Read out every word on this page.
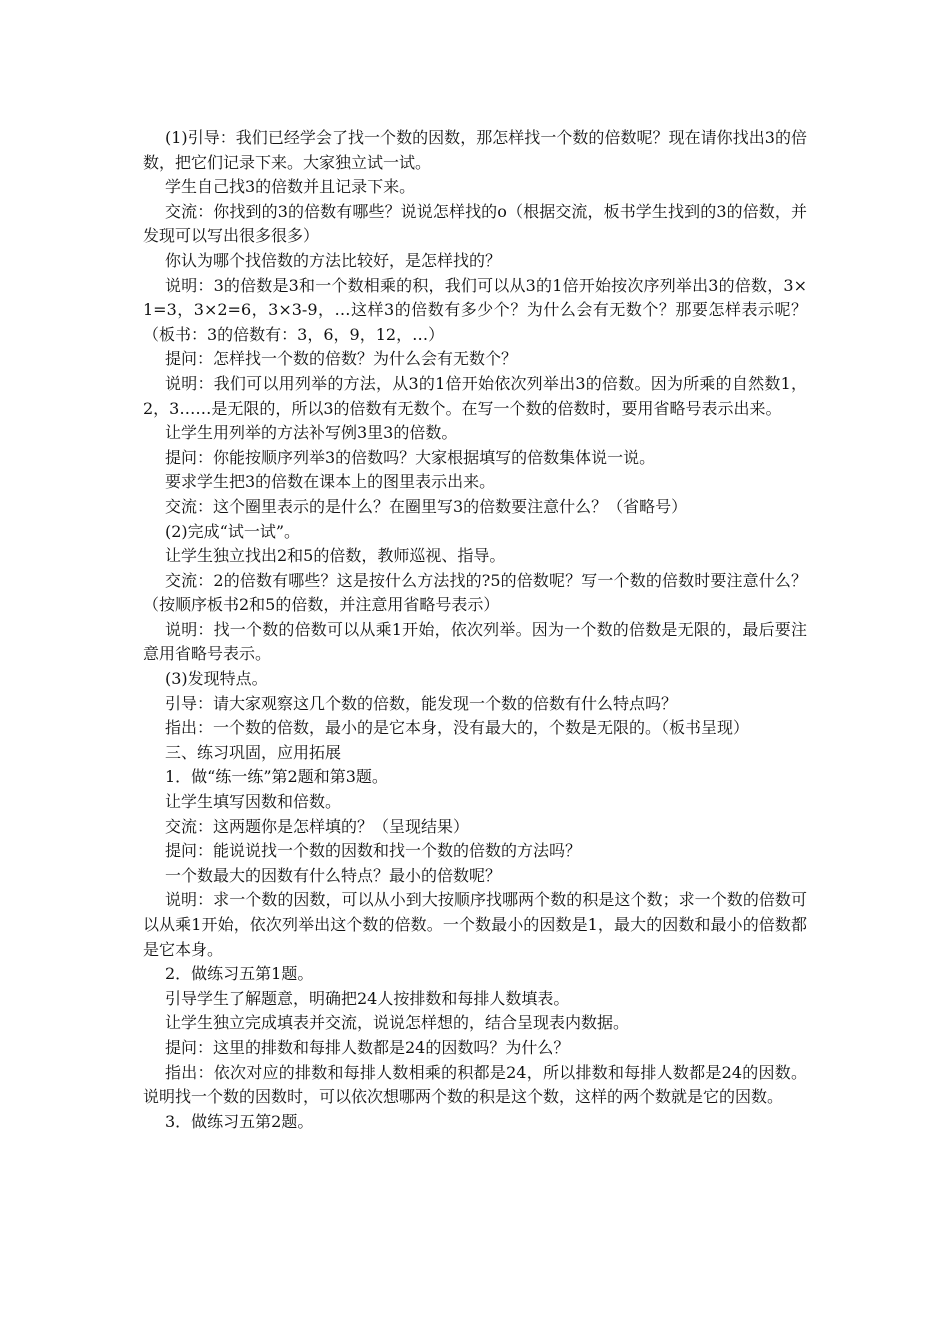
(1)引导：我们已经学会了找一个数的因数，那怎样找一个数的倍数呢？现在请你找出3的倍数，把它们记录下来。大家独立试一试。

学生自己找3的倍数并且记录下来。

交流：你找到的3的倍数有哪些？说说怎样找的o（根据交流，板书学生找到的3的倍数，并发现可以写出很多很多）

你认为哪个找倍数的方法比较好，是怎样找的？

说明：3的倍数是3和一个数相乘的积，我们可以从3的1倍开始按次序列举出3的倍数，3×1=3，3×2=6，3×3-9，…这样3的倍数有多少个？为什么会有无数个？那要怎样表示呢？（板书：3的倍数有：3，6，9，12，…）

提问：怎样找一个数的倍数？为什么会有无数个？

说明：我们可以用列举的方法，从3的1倍开始依次列举出3的倍数。因为所乘的自然数1，2，3……是无限的，所以3的倍数有无数个。在写一个数的倍数时，要用省略号表示出来。

让学生用列举的方法补写例3里3的倍数。

提问：你能按顺序列举3的倍数吗？大家根据填写的倍数集体说一说。

要求学生把3的倍数在课本上的图里表示出来。

交流：这个圈里表示的是什么？在圈里写3的倍数要注意什么？（省略号）

(2)完成“试一试”。

让学生独立找出2和5的倍数，教师巡视、指导。

交流：2的倍数有哪些？这是按什么方法找的?5的倍数呢？写一个数的倍数时要注意什么？（按顺序板书2和5的倍数，并注意用省略号表示）

说明：找一个数的倍数可以从乘1开始，依次列举。因为一个数的倍数是无限的，最后要注意用省略号表示。

(3)发现特点。

引导：请大家观察这几个数的倍数，能发现一个数的倍数有什么特点吗？

指出：一个数的倍数，最小的是它本身，没有最大的，个数是无限的。（板书呈现）

三、练习巩固，应用拓展

1．做“练一练”第2题和第3题。

让学生填写因数和倍数。

交流：这两题你是怎样填的？（呈现结果）

提问：能说说找一个数的因数和找一个数的倍数的方法吗？

一个数最大的因数有什么特点？最小的倍数呢？

说明：求一个数的因数，可以从小到大按顺序找哪两个数的积是这个数；求一个数的倍数可以从乘1开始，依次列举出这个数的倍数。一个数最小的因数是1，最大的因数和最小的倍数都是它本身。

2．做练习五第1题。

引导学生了解题意，明确把24人按排数和每排人数填表。

让学生独立完成填表并交流，说说怎样想的，结合呈现表内数据。

提问：这里的排数和每排人数都是24的因数吗？为什么？

指出：依次对应的排数和每排人数相乘的积都是24，所以排数和每排人数都是24的因数。说明找一个数的因数时，可以依次想哪两个数的积是这个数，这样的两个数就是它的因数。

3．做练习五第2题。
